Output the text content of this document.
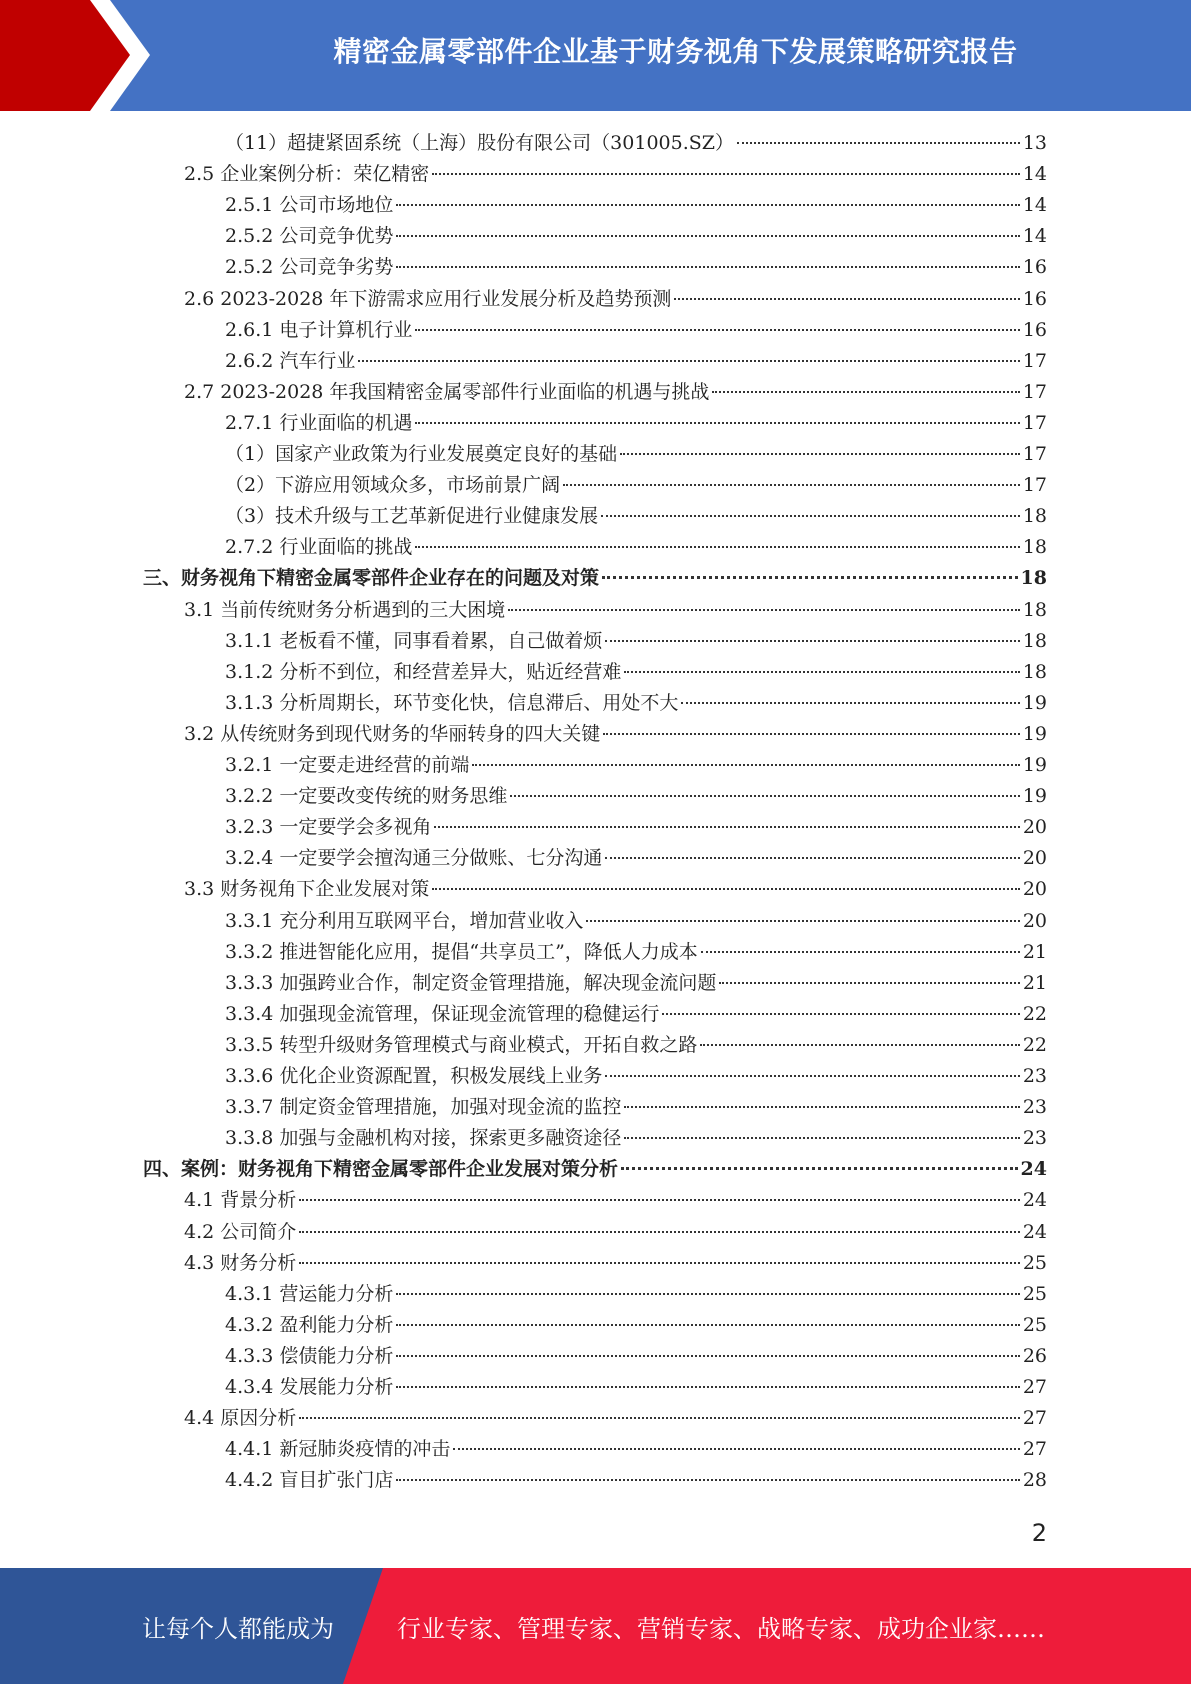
精密金属零部件企业基于财务视角下发展策略研究报告
（11）超捷紧固系统（上海）股份有限公司（301005.SZ）	13
2.5 企业案例分析：荣亿精密	14
2.5.1 公司市场地位	14
2.5.2 公司竞争优势	14
2.5.2 公司竞争劣势	16
2.6 2023-2028 年下游需求应用行业发展分析及趋势预测	16
2.6.1 电子计算机行业	16
2.6.2 汽车行业	17
2.7 2023-2028 年我国精密金属零部件行业面临的机遇与挑战	17
2.7.1 行业面临的机遇	17
（1）国家产业政策为行业发展奠定良好的基础	17
（2）下游应用领域众多，市场前景广阔	17
（3）技术升级与工艺革新促进行业健康发展	18
2.7.2 行业面临的挑战	18
三、财务视角下精密金属零部件企业存在的问题及对策	18
3.1 当前传统财务分析遇到的三大困境	18
3.1.1 老板看不懂，同事看着累，自己做着烦	18
3.1.2 分析不到位，和经营差异大，贴近经营难	18
3.1.3 分析周期长，环节变化快，信息滞后、用处不大	19
3.2 从传统财务到现代财务的华丽转身的四大关键	19
3.2.1 一定要走进经营的前端	19
3.2.2 一定要改变传统的财务思维	19
3.2.3 一定要学会多视角	20
3.2.4 一定要学会擅沟通三分做账、七分沟通	20
3.3 财务视角下企业发展对策	20
3.3.1 充分利用互联网平台，增加营业收入	20
3.3.2 推进智能化应用，提倡“共享员工”，降低人力成本	21
3.3.3 加强跨业合作，制定资金管理措施，解决现金流问题	21
3.3.4 加强现金流管理，保证现金流管理的稳健运行	22
3.3.5 转型升级财务管理模式与商业模式，开拓自救之路	22
3.3.6 优化企业资源配置，积极发展线上业务	23
3.3.7 制定资金管理措施，加强对现金流的监控	23
3.3.8 加强与金融机构对接，探索更多融资途径	23
四、案例：财务视角下精密金属零部件企业发展对策分析	24
4.1 背景分析	24
4.2 公司简介	24
4.3 财务分析	25
4.3.1 营运能力分析	25
4.3.2 盈利能力分析	25
4.3.3 偿债能力分析	26
4.3.4 发展能力分析	27
4.4 原因分析	27
4.4.1 新冠肺炎疫情的冲击	27
4.4.2 盲目扩张门店	28
2
让每个人都能成为	行业专家、管理专家、营销专家、战略专家、成功企业家……
